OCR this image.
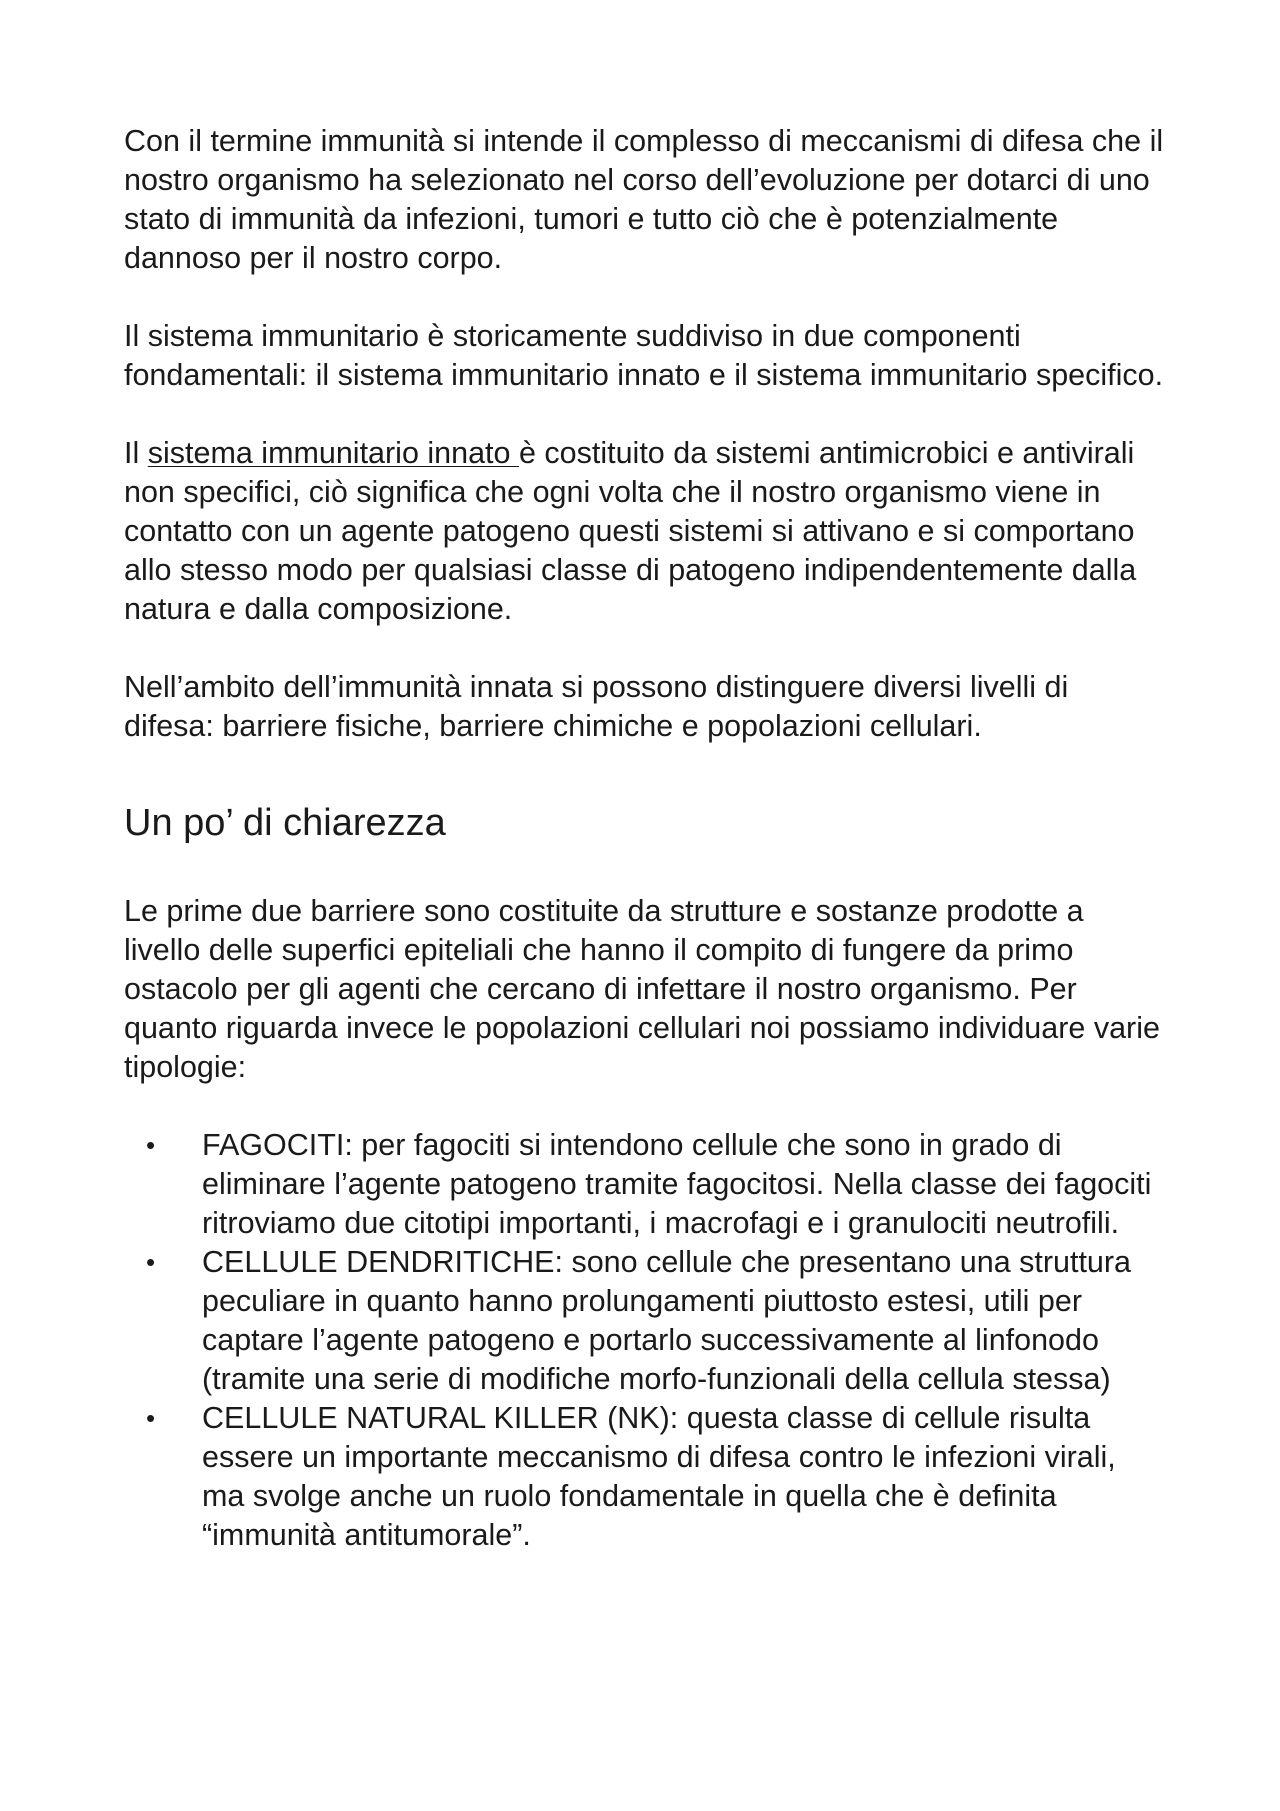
Con il termine immunità si intende il complesso di meccanismi di difesa che il nostro organismo ha selezionato nel corso dell’evoluzione per dotarci di uno stato di immunità da infezioni, tumori e tutto ciò che è potenzialmente dannoso per il nostro corpo.

Il sistema immunitario è storicamente suddiviso in due componenti fondamentali: il sistema immunitario innato e il sistema immunitario specifico.

Il sistema immunitario innato è costituito da sistemi antimicrobici e antivirali non specifici, ciò significa che ogni volta che il nostro organismo viene in contatto con un agente patogeno questi sistemi si attivano e si comportano allo stesso modo per qualsiasi classe di patogeno indipendentemente dalla natura e dalla composizione.

Nell’ambito dell’immunità innata si possono distinguere diversi livelli di difesa: barriere fisiche, barriere chimiche e popolazioni cellulari.

Un po’ di chiarezza

Le prime due barriere sono costituite da strutture e sostanze prodotte a livello delle superfici epiteliali che hanno il compito di fungere da primo ostacolo per gli agenti che cercano di infettare il nostro organismo. Per quanto riguarda invece le popolazioni cellulari noi possiamo individuare varie tipologie:

• FAGOCITI: per fagociti si intendono cellule che sono in grado di eliminare l’agente patogeno tramite fagocitosi. Nella classe dei fagociti ritroviamo due citotipi importanti, i macrofagi e i granulociti neutrofili.
• CELLULE DENDRITICHE: sono cellule che presentano una struttura peculiare in quanto hanno prolungamenti piuttosto estesi, utili per captare l’agente patogeno e portarlo successivamente al linfonodo (tramite una serie di modifiche morfo-funzionali della cellula stessa)
• CELLULE NATURAL KILLER (NK): questa classe di cellule risulta essere un importante meccanismo di difesa contro le infezioni virali, ma svolge anche un ruolo fondamentale in quella che è definita “immunità antitumorale”.
